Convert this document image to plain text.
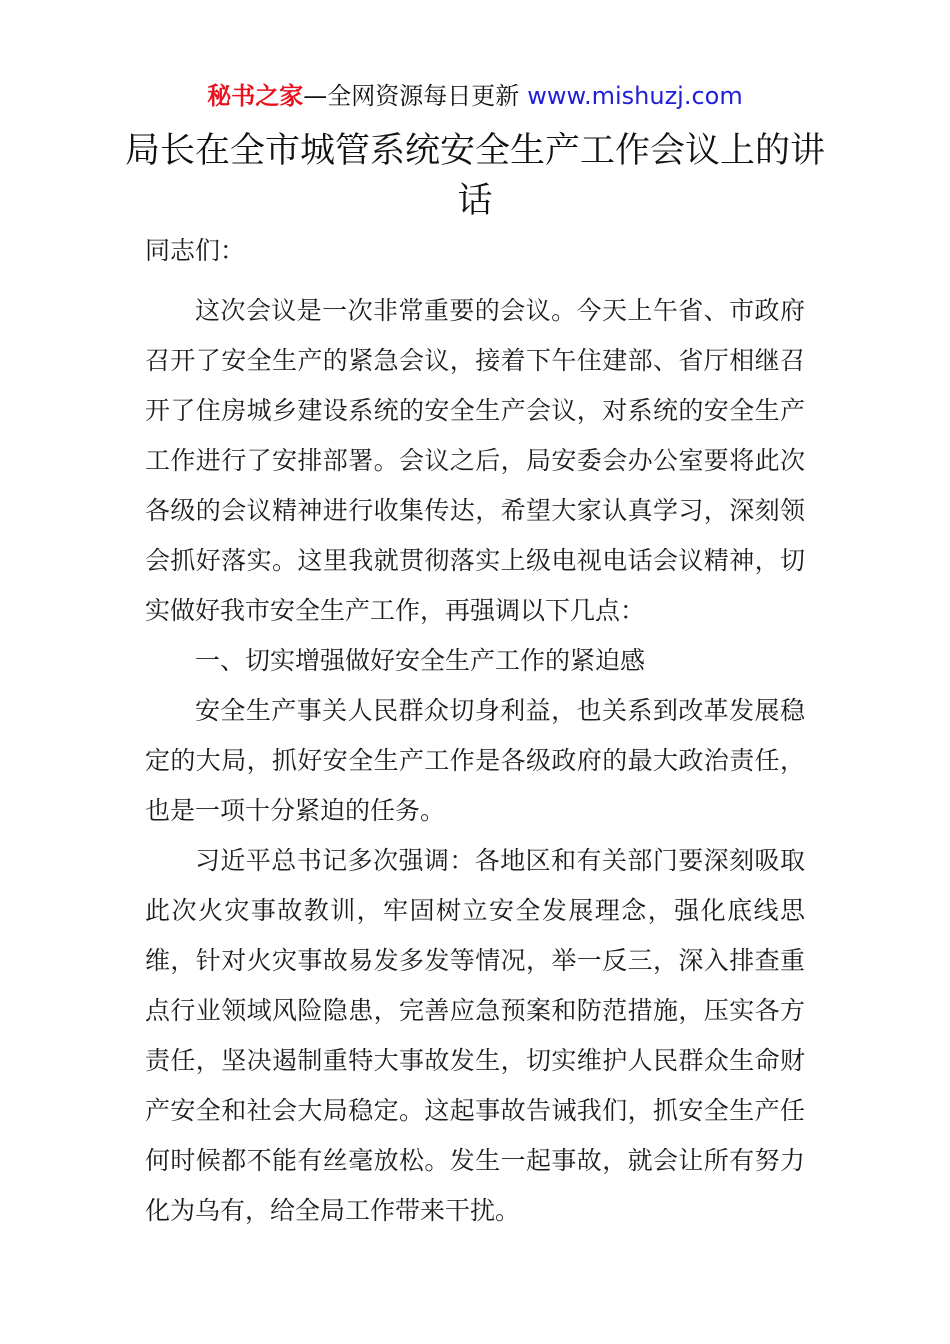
秘书之家—全网资源每日更新 www.mishuzj.com
局长在全市城管系统安全生产工作会议上的讲话

同志们：

这次会议是一次非常重要的会议。今天上午省、市政府召开了安全生产的紧急会议，接着下午住建部、省厅相继召开了住房城乡建设系统的安全生产会议，对系统的安全生产工作进行了安排部署。会议之后，局安委会办公室要将此次各级的会议精神进行收集传达，希望大家认真学习，深刻领会抓好落实。这里我就贯彻落实上级电视电话会议精神，切实做好我市安全生产工作，再强调以下几点：

一、切实增强做好安全生产工作的紧迫感

安全生产事关人民群众切身利益，也关系到改革发展稳定的大局，抓好安全生产工作是各级政府的最大政治责任，也是一项十分紧迫的任务。

习近平总书记多次强调：各地区和有关部门要深刻吸取此次火灾事故教训，牢固树立安全发展理念，强化底线思维，针对火灾事故易发多发等情况，举一反三，深入排查重点行业领域风险隐患，完善应急预案和防范措施，压实各方责任，坚决遏制重特大事故发生，切实维护人民群众生命财产安全和社会大局稳定。这起事故告诫我们，抓安全生产任何时候都不能有丝毫放松。发生一起事故，就会让所有努力化为乌有，给全局工作带来干扰。
